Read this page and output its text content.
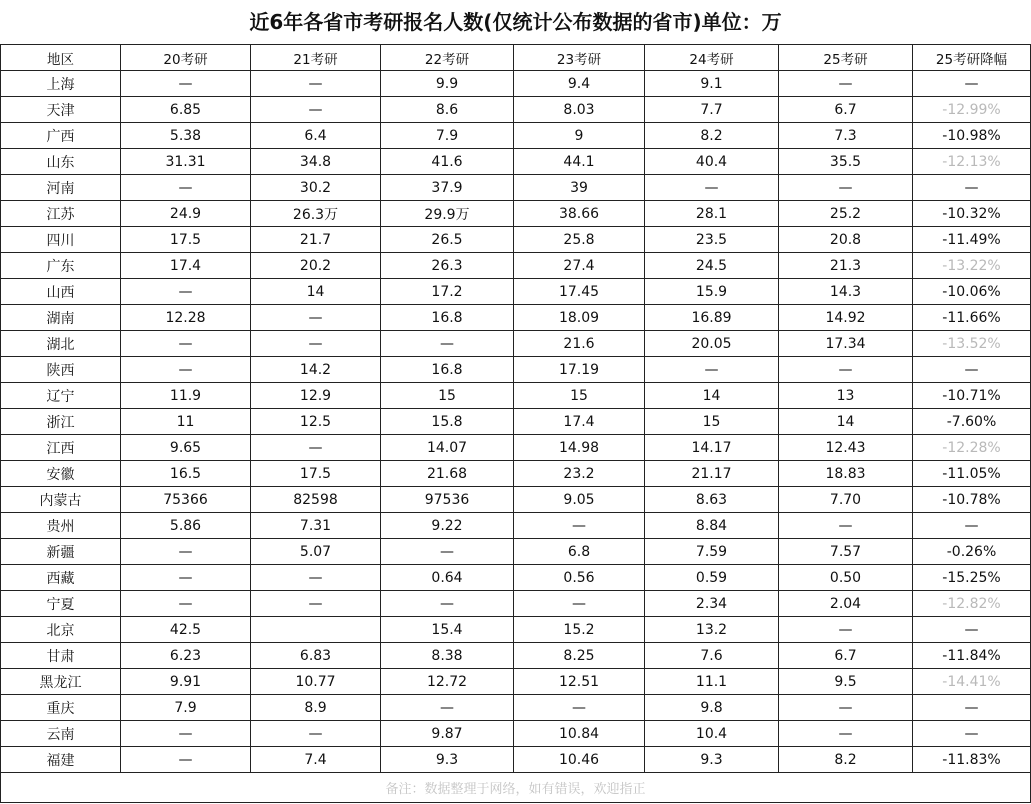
近6年各省市考研报名人数(仅统计公布数据的省市)单位：万
地区	20考研	21考研	22考研	23考研	24考研	25考研	25考研降幅
上海	—	—	9.9	9.4	9.1	—	—
天津	6.85	—	8.6	8.03	7.7	6.7	-12.99%
广西	5.38	6.4	7.9	9	8.2	7.3	-10.98%
山东	31.31	34.8	41.6	44.1	40.4	35.5	-12.13%
河南	—	30.2	37.9	39	—	—	—
江苏	24.9	26.3万	29.9万	38.66	28.1	25.2	-10.32%
四川	17.5	21.7	26.5	25.8	23.5	20.8	-11.49%
广东	17.4	20.2	26.3	27.4	24.5	21.3	-13.22%
山西	—	14	17.2	17.45	15.9	14.3	-10.06%
湖南	12.28	—	16.8	18.09	16.89	14.92	-11.66%
湖北	—	—	—	21.6	20.05	17.34	-13.52%
陕西	—	14.2	16.8	17.19	—	—	—
辽宁	11.9	12.9	15	15	14	13	-10.71%
浙江	11	12.5	15.8	17.4	15	14	-7.60%
江西	9.65	—	14.07	14.98	14.17	12.43	-12.28%
安徽	16.5	17.5	21.68	23.2	21.17	18.83	-11.05%
内蒙古	75366	82598	97536	9.05	8.63	7.70	-10.78%
贵州	5.86	7.31	9.22	—	8.84	—	—
新疆	—	5.07	—	6.8	7.59	7.57	-0.26%
西藏	—	—	0.64	0.56	0.59	0.50	-15.25%
宁夏	—	—	—	—	2.34	2.04	-12.82%
北京	42.5		15.4	15.2	13.2	—	—
甘肃	6.23	6.83	8.38	8.25	7.6	6.7	-11.84%
黑龙江	9.91	10.77	12.72	12.51	11.1	9.5	-14.41%
重庆	7.9	8.9	—	—	9.8	—	—
云南	—	—	9.87	10.84	10.4	—	—
福建	—	7.4	9.3	10.46	9.3	8.2	-11.83%
备注：数据整理于网络，如有错误，欢迎指正							
